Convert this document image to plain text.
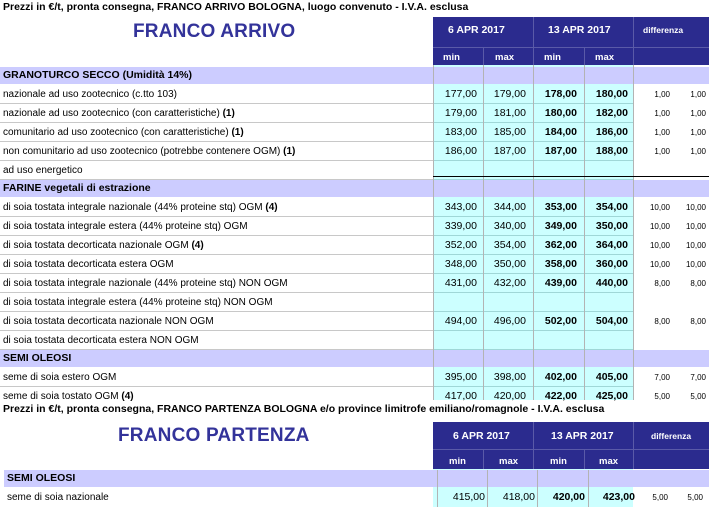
Prezzi in €/t, pronta consegna, FRANCO ARRIVO BOLOGNA, luogo convenuto - I.V.A. esclusa
6 APR 2017	13 APR 2017	differenza
min	max	min	max
FRANCO ARRIVO
GRANOTURCO SECCO (Umidità 14%)
nazionale ad uso zootecnico (c.tto 103)	177,00	179,00	178,00	180,00	1,00	1,00
nazionale ad uso zootecnico (con caratteristiche) (1)	179,00	181,00	180,00	182,00	1,00	1,00
comunitario ad uso zootecnico (con caratteristiche) (1)	183,00	185,00	184,00	186,00	1,00	1,00
non comunitario ad uso zootecnico (potrebbe contenere OGM) (1)	186,00	187,00	187,00	188,00	1,00	1,00
ad uso energetico
FARINE vegetali di estrazione
di soia tostata integrale nazionale (44% proteine stq) OGM (4)	343,00	344,00	353,00	354,00	10,00	10,00
di soia tostata integrale estera (44% proteine stq) OGM	339,00	340,00	349,00	350,00	10,00	10,00
di soia tostata decorticata nazionale OGM (4)	352,00	354,00	362,00	364,00	10,00	10,00
di soia tostata decorticata estera OGM	348,00	350,00	358,00	360,00	10,00	10,00
di soia tostata integrale nazionale (44% proteine stq) NON OGM	431,00	432,00	439,00	440,00	8,00	8,00
di soia tostata integrale estera (44% proteine stq) NON OGM
di soia tostata decorticata nazionale NON OGM	494,00	496,00	502,00	504,00	8,00	8,00
di soia tostata decorticata estera NON OGM
SEMI OLEOSI
seme di soia estero OGM	395,00	398,00	402,00	405,00	7,00	7,00
seme di soia tostato OGM (4)	417,00	420,00	422,00	425,00	5,00	5,00
Prezzi in €/t, pronta consegna, FRANCO PARTENZA BOLOGNA e/o province limitrofe emiliano/romagnole - I.V.A. esclusa
FRANCO PARTENZA	6 APR 2017	13 APR 2017	differenza
min	max	min	max
SEMI OLEOSI
seme di soia nazionale	415,00	418,00	420,00	423,00	5,00	5,00
